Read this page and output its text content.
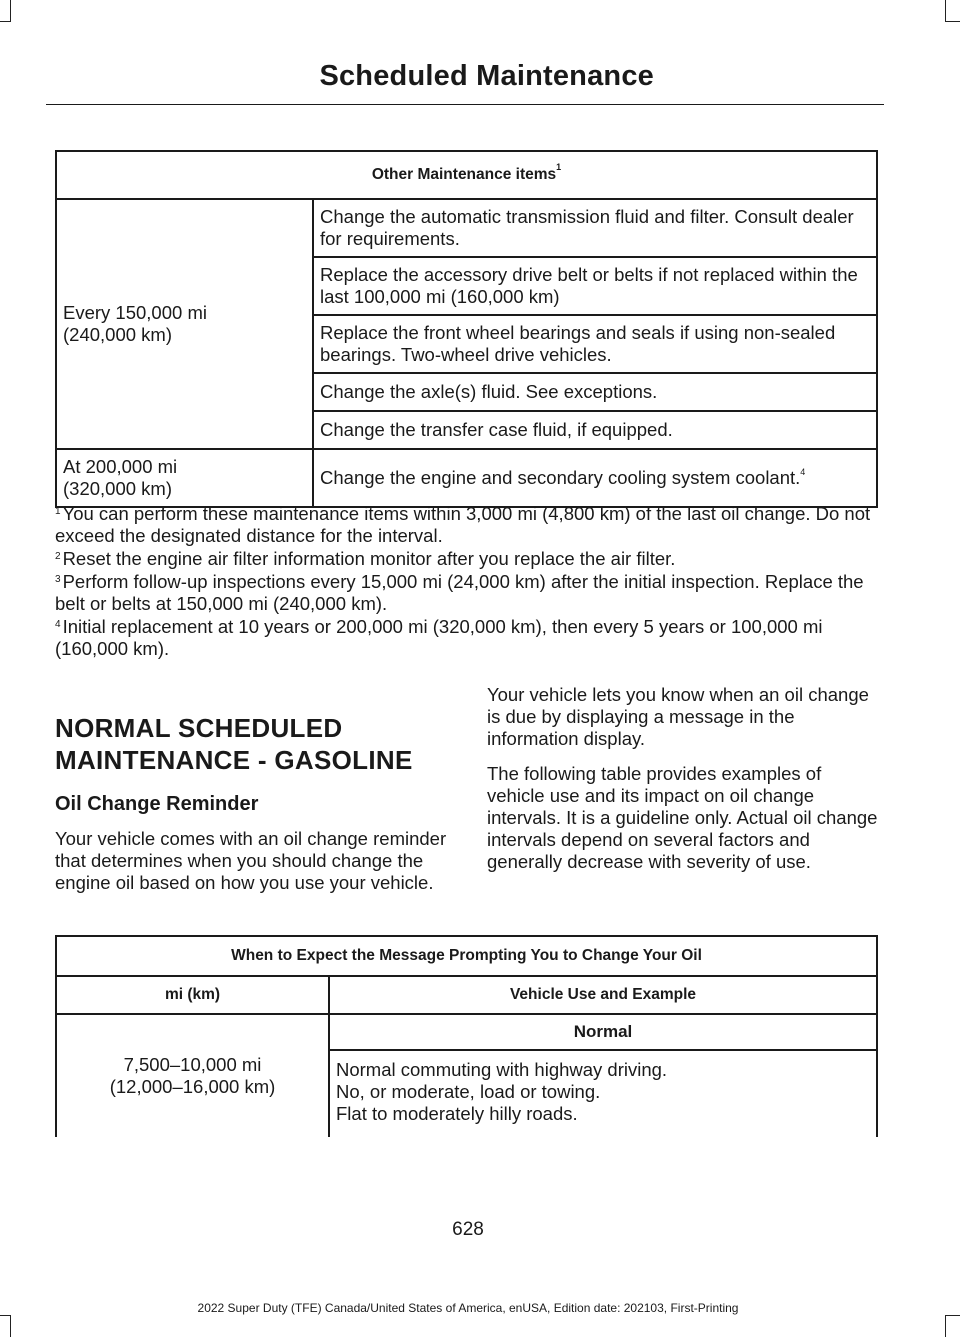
Scheduled Maintenance
Other Maintenance items$^1$

Every 150,000 mi
(240,000 km)	Change the automatic transmission fluid and filter. Consult dealer for requirements.
	Replace the accessory drive belt or belts if not replaced within the last 100,000 mi (160,000 km)
	Replace the front wheel bearings and seals if using non-sealed bearings. Two-wheel drive vehicles.
	Change the axle(s) fluid. See exceptions.
	Change the transfer case fluid, if equipped.

At 200,000 mi
(320,000 km)	Change the engine and secondary cooling system coolant.$^4$

$^1$ You can perform these maintenance items within 3,000 mi (4,800 km) of the last oil change. Do not exceed the designated distance for the interval.

$^2$ Reset the engine air filter information monitor after you replace the air filter.

$^3$ Perform follow-up inspections every 15,000 mi (24,000 km) after the initial inspection. Replace the belt or belts at 150,000 mi (240,000 km).

$^4$ Initial replacement at 10 years or 200,000 mi (320,000 km), then every 5 years or 100,000 mi (160,000 km).

NORMAL SCHEDULED
MAINTENANCE - GASOLINE
Oil Change Reminder

Your vehicle comes with an oil change reminder that determines when you should change the engine oil based on how you use your vehicle.

Your vehicle lets you know when an oil change is due by displaying a message in the information display.

The following table provides examples of vehicle use and its impact on oil change intervals. It is a guideline only. Actual oil change intervals depend on several factors and generally decrease with severity of use.

When to Expect the Message Prompting You to Change Your Oil	
mi (km)	Vehicle Use and Example

7,500–10,000 mi
(12,000–16,000 km)	Normal

	Normal commuting with highway driving.
No, or moderate, load or towing.
Flat to moderately hilly roads.
628
2022 Super Duty (TFE) Canada/United States of America, enUSA, Edition date: 202103, First-Printing
